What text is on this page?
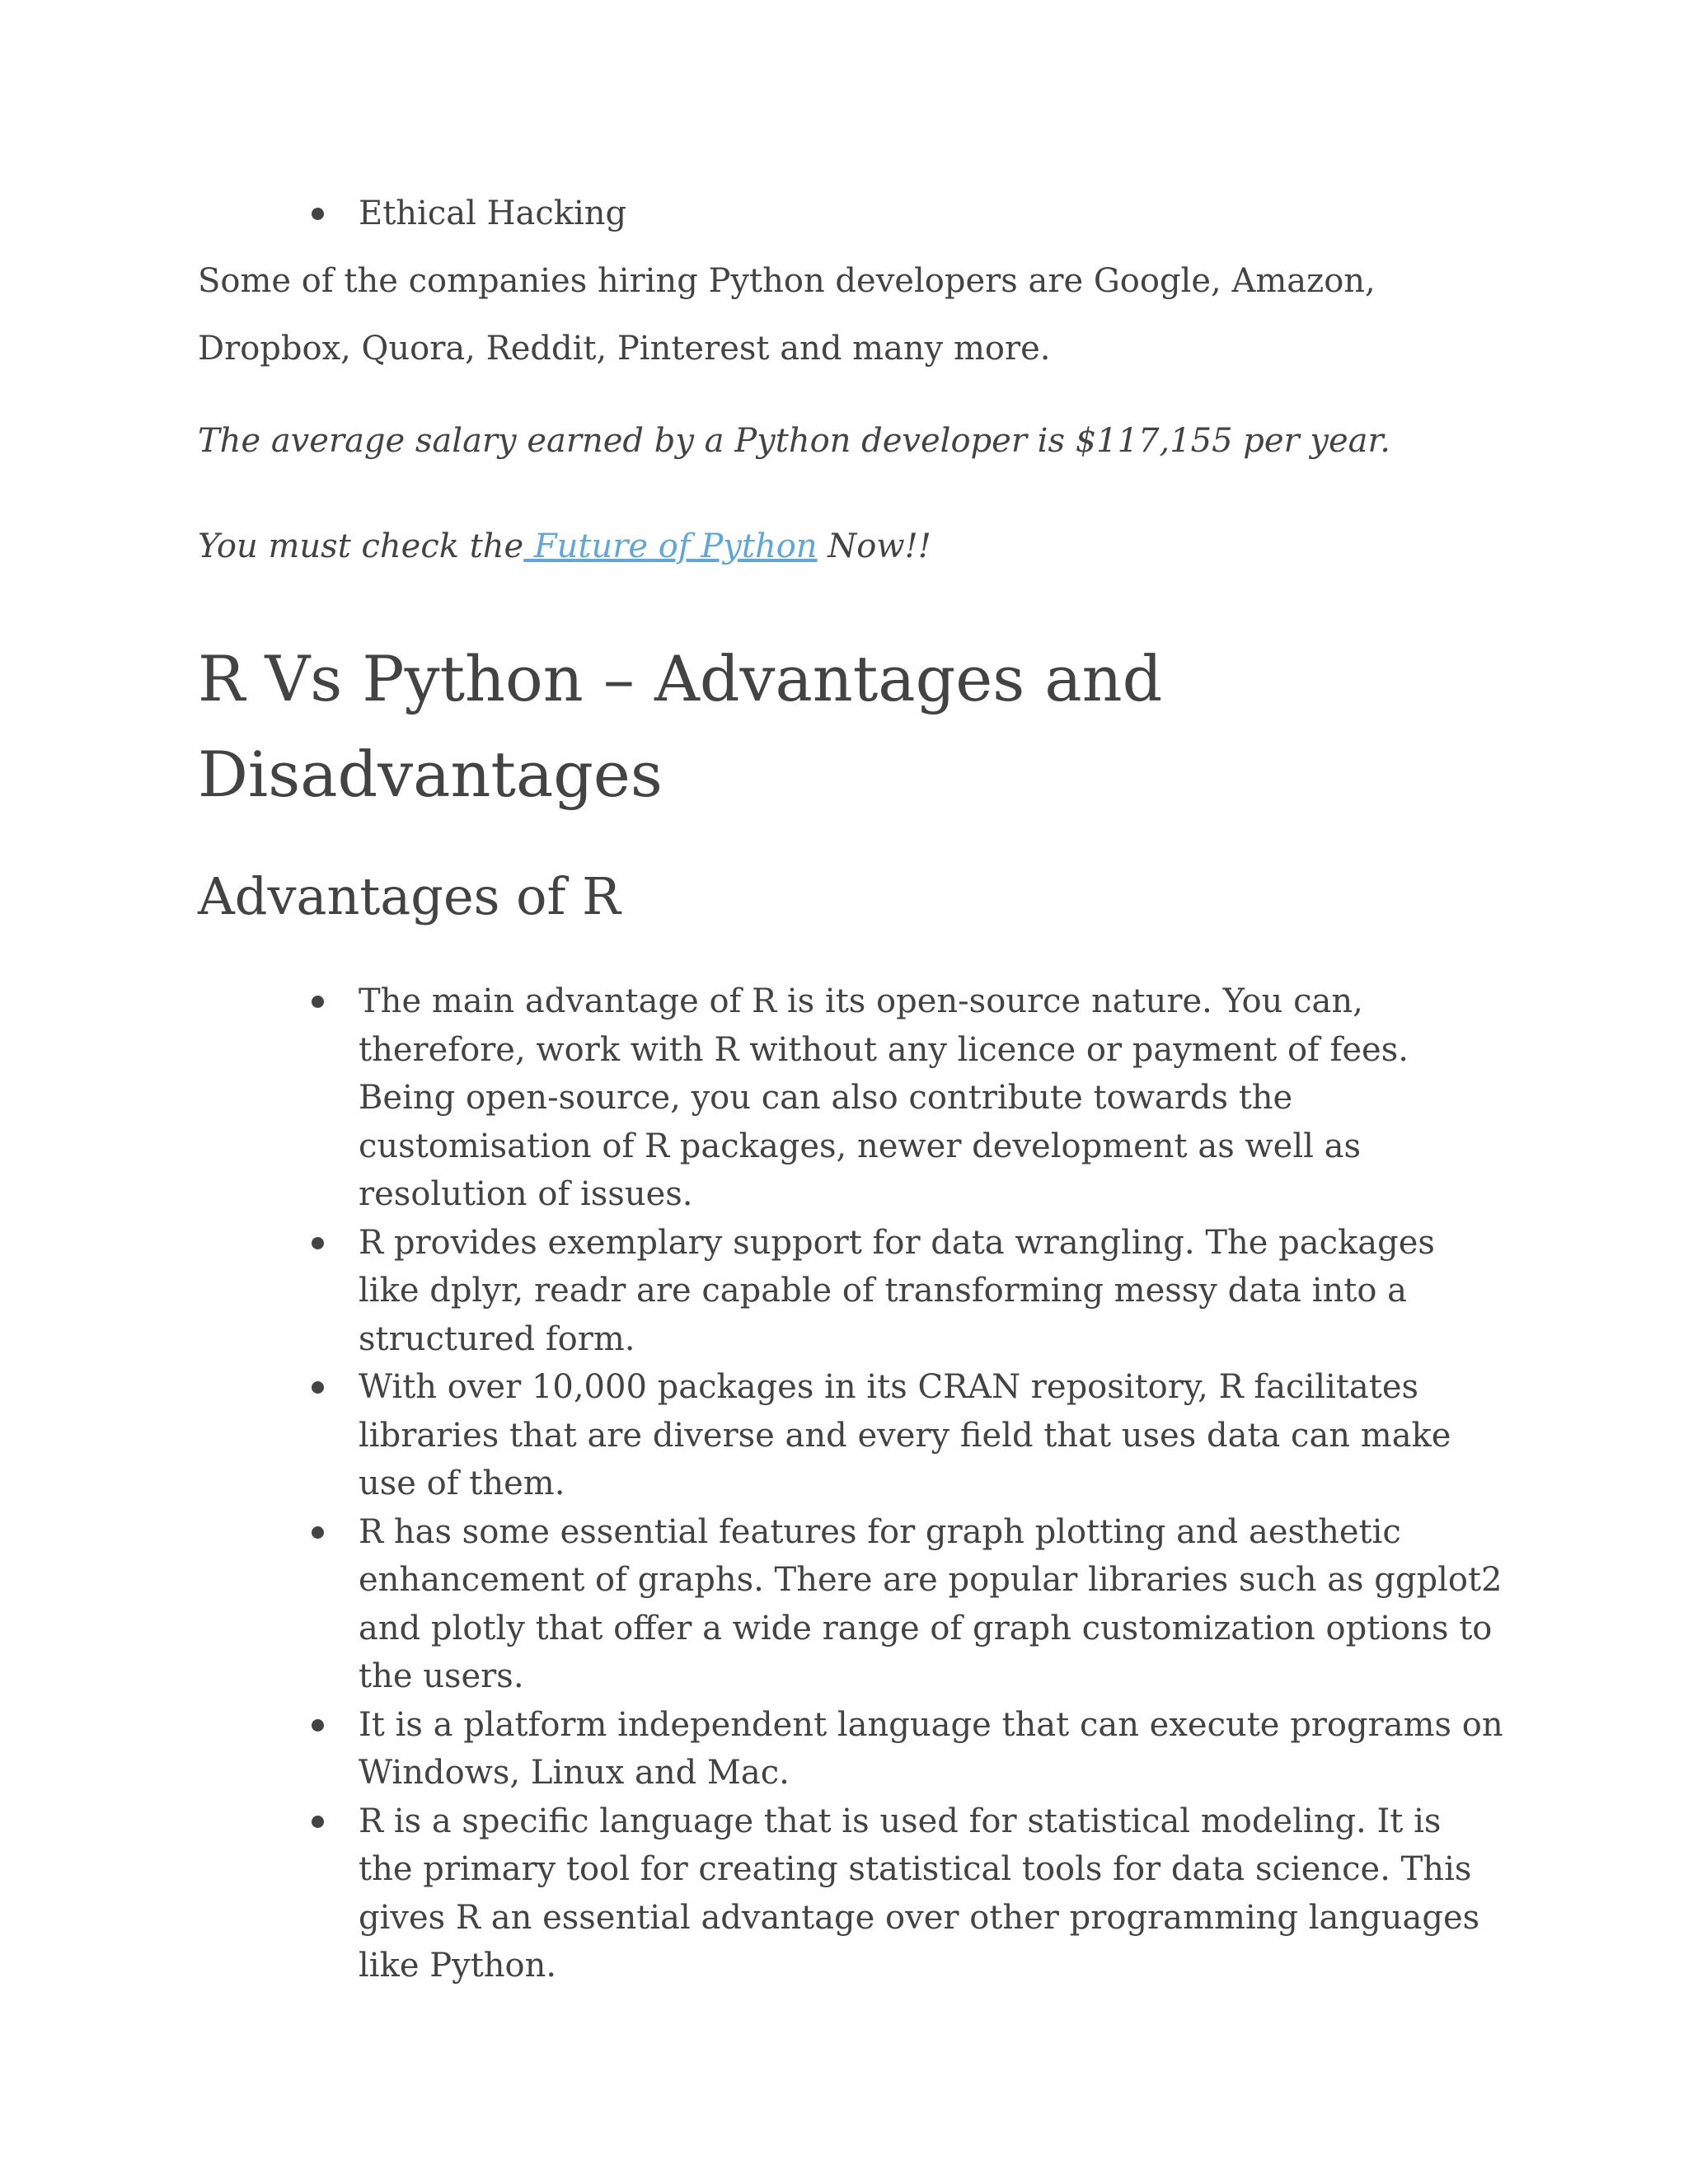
Ethical Hacking

Some of the companies hiring Python developers are Google, Amazon, Dropbox, Quora, Reddit, Pinterest and many more.

The average salary earned by a Python developer is $117,155 per year.

You must check the Future of Python Now!!

R Vs Python – Advantages and Disadvantages
Advantages of R
The main advantage of R is its open-source nature. You can, therefore, work with R without any licence or payment of fees. Being open-source, you can also contribute towards the customisation of R packages, newer development as well as resolution of issues.
R provides exemplary support for data wrangling. The packages like dplyr, readr are capable of transforming messy data into a structured form.
With over 10,000 packages in its CRAN repository, R facilitates libraries that are diverse and every field that uses data can make use of them.
R has some essential features for graph plotting and aesthetic enhancement of graphs. There are popular libraries such as ggplot2 and plotly that offer a wide range of graph customization options to the users.
It is a platform independent language that can execute programs on Windows, Linux and Mac.
R is a specific language that is used for statistical modeling. It is the primary tool for creating statistical tools for data science. This gives R an essential advantage over other programming languages like Python.
